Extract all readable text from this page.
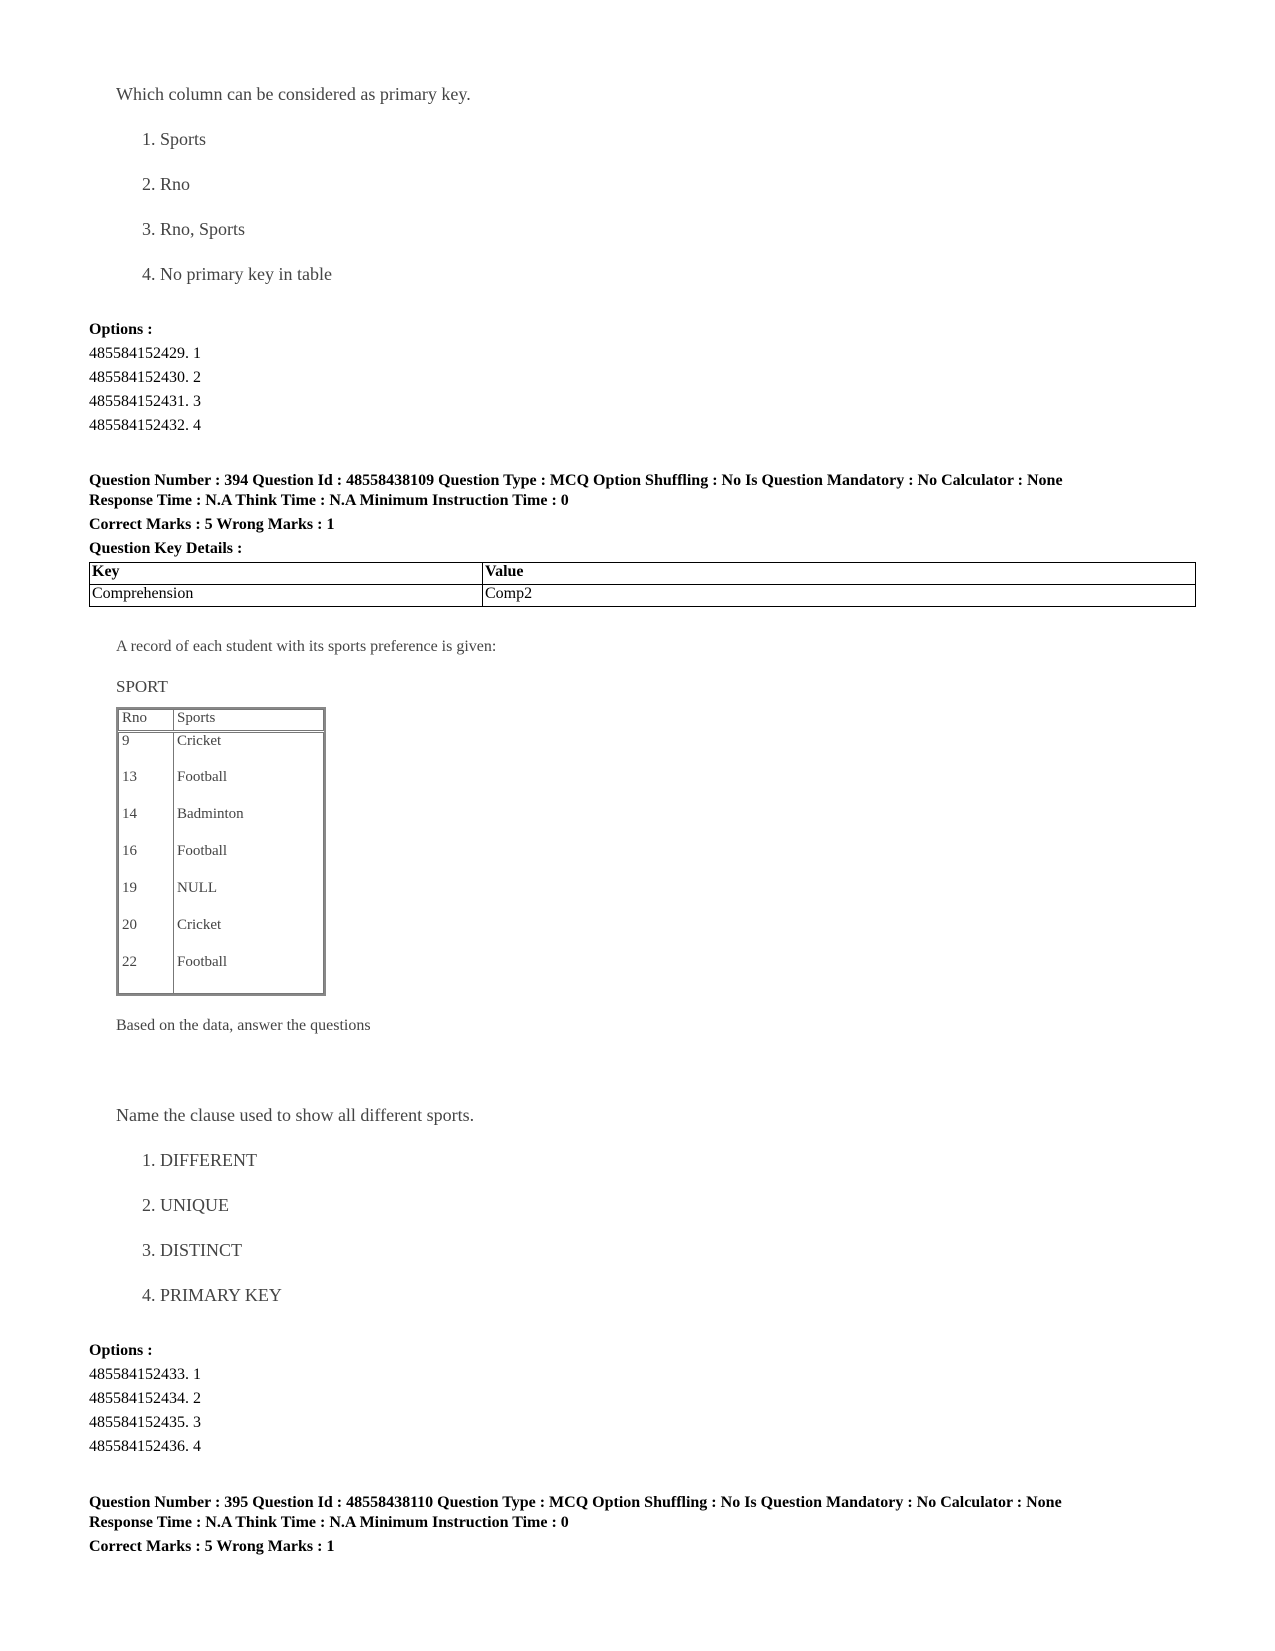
Which column can be considered as primary key.
1. Sports
2. Rno
3. Rno, Sports
4. No primary key in table
Options :
485584152429. 1
485584152430. 2
485584152431. 3
485584152432. 4
Question Number : 394 Question Id : 48558438109 Question Type : MCQ Option Shuffling : No Is Question Mandatory : No Calculator : None
Response Time : N.A Think Time : N.A Minimum Instruction Time : 0
Correct Marks : 5 Wrong Marks : 1
Question Key Details :
Key	Value
Comprehension	Comp2
A record of each student with its sports preference is given:
SPORT
Rno	Sports
9	Cricket
13	Football
14	Badminton
16	Football
19	NULL
20	Cricket
22	Football
Based on the data, answer the questions
Name the clause used to show all different sports.
1. DIFFERENT
2. UNIQUE
3. DISTINCT
4. PRIMARY KEY
Options :
485584152433. 1
485584152434. 2
485584152435. 3
485584152436. 4
Question Number : 395 Question Id : 48558438110 Question Type : MCQ Option Shuffling : No Is Question Mandatory : No Calculator : None
Response Time : N.A Think Time : N.A Minimum Instruction Time : 0
Correct Marks : 5 Wrong Marks : 1
